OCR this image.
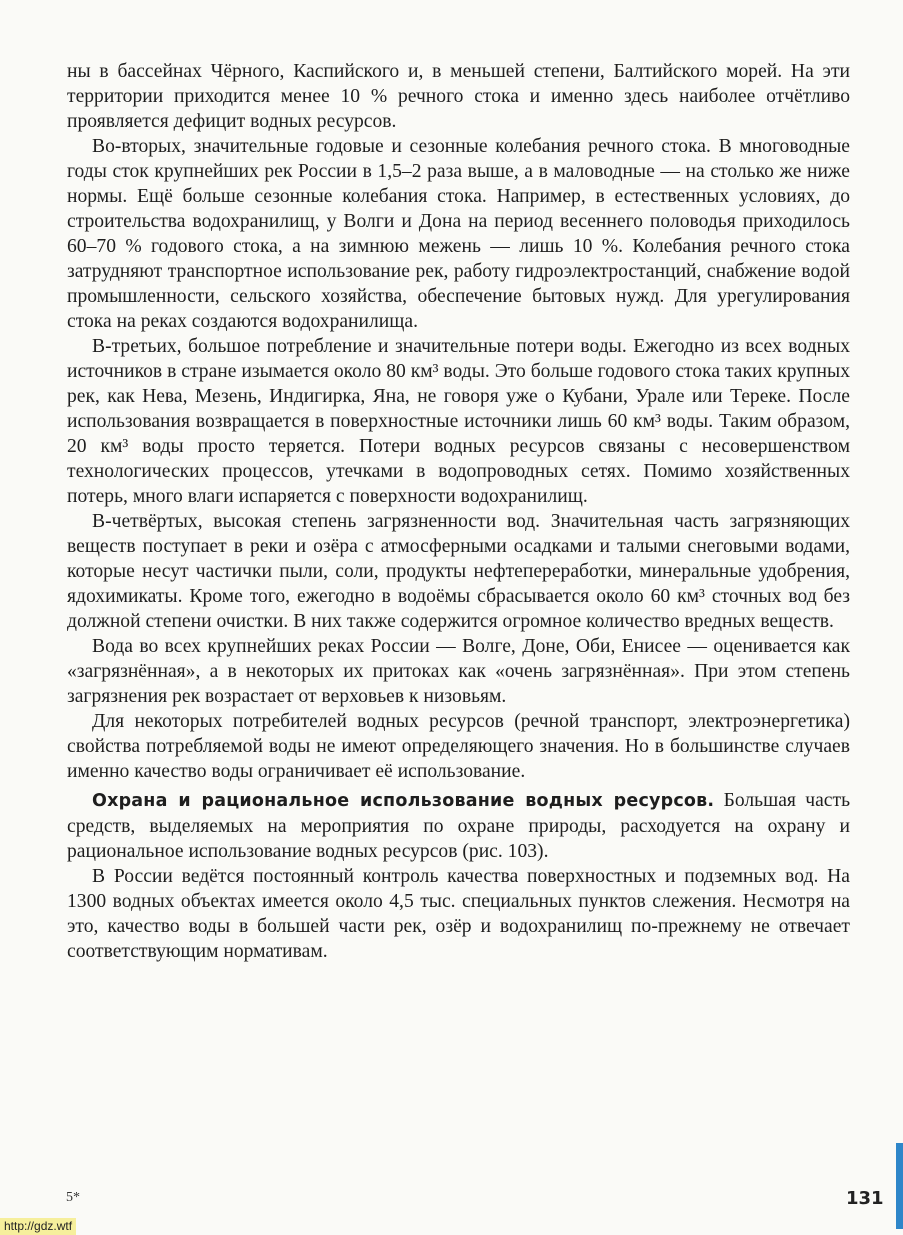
ны в бассейнах Чёрного, Каспийского и, в меньшей степени, Балтийского морей. На эти территории приходится менее 10 % речного стока и именно здесь наиболее отчётливо проявляется дефицит водных ресурсов.

Во-вторых, значительные годовые и сезонные колебания речного стока. В многоводные годы сток крупнейших рек России в 1,5–2 раза выше, а в маловодные — на столько же ниже нормы. Ещё больше сезонные колебания стока. Например, в естественных условиях, до строительства водохранилищ, у Волги и Дона на период весеннего половодья приходилось 60–70 % годового стока, а на зимнюю межень — лишь 10 %. Колебания речного стока затрудняют транспортное использование рек, работу гидроэлектростанций, снабжение водой промышленности, сельского хозяйства, обеспечение бытовых нужд. Для урегулирования стока на реках создаются водохранилища.

В-третьих, большое потребление и значительные потери воды. Ежегодно из всех водных источников в стране изымается около 80 км³ воды. Это больше годового стока таких крупных рек, как Нева, Мезень, Индигирка, Яна, не говоря уже о Кубани, Урале или Тереке. После использования возвращается в поверхностные источники лишь 60 км³ воды. Таким образом, 20 км³ воды просто теряется. Потери водных ресурсов связаны с несовершенством технологических процессов, утечками в водопроводных сетях. Помимо хозяйственных потерь, много влаги испаряется с поверхности водохранилищ.

В-четвёртых, высокая степень загрязненности вод. Значительная часть загрязняющих веществ поступает в реки и озёра с атмосферными осадками и талыми снеговыми водами, которые несут частички пыли, соли, продукты нефтепереработки, минеральные удобрения, ядохимикаты. Кроме того, ежегодно в водоёмы сбрасывается около 60 км³ сточных вод без должной степени очистки. В них также содержится огромное количество вредных веществ.

Вода во всех крупнейших реках России — Волге, Доне, Оби, Енисее — оценивается как «загрязнённая», а в некоторых их притоках как «очень загрязнённая». При этом степень загрязнения рек возрастает от верховьев к низовьям.

Для некоторых потребителей водных ресурсов (речной транспорт, электроэнергетика) свойства потребляемой воды не имеют определяющего значения. Но в большинстве случаев именно качество воды ограничивает её использование.

Охрана и рациональное использование водных ресурсов. Большая часть средств, выделяемых на мероприятия по охране природы, расходуется на охрану и рациональное использование водных ресурсов (рис. 103).

В России ведётся постоянный контроль качества поверхностных и подземных вод. На 1300 водных объектах имеется около 4,5 тыс. специальных пунктов слежения. Несмотря на это, качество воды в большей части рек, озёр и водохранилищ по-прежнему не отвечает соответствующим нормативам.

5*	131
http://gdz.wtf
